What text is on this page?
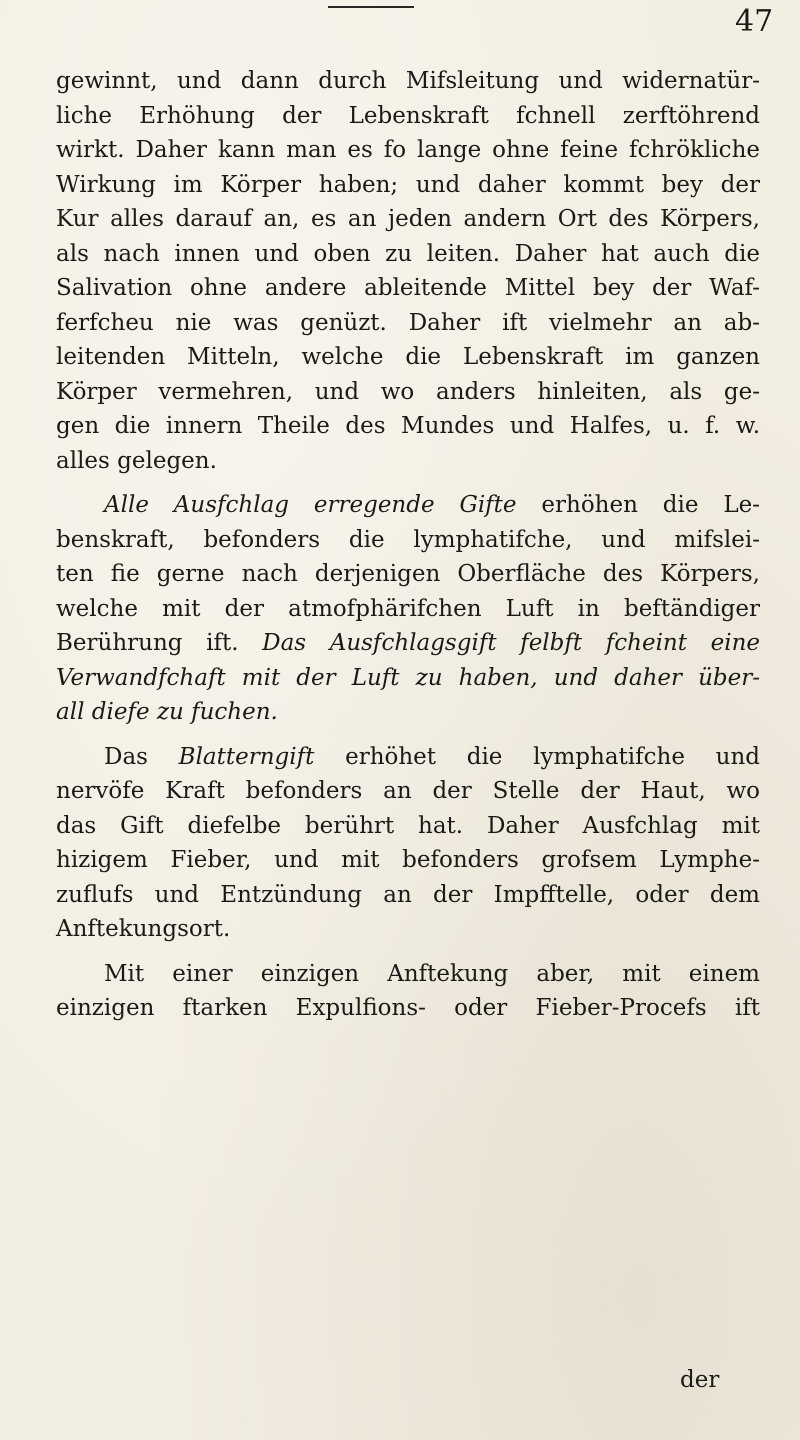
47
gewinnt, und dann durch Mifsleitung und widernatür-
liche Erhöhung der Lebenskraft fchnell zerftöhrend
wirkt. Daher kann man es fo lange ohne feine fchrökliche
Wirkung im Körper haben; und daher kommt bey der
Kur alles darauf an, es an jeden andern Ort des Körpers,
als nach innen und oben zu leiten. Daher hat auch die
Salivation ohne andere ableitende Mittel bey der Waf-
ferfcheu nie was genüzt. Daher ift vielmehr an ab-
leitenden Mitteln, welche die Lebenskraft im ganzen
Körper vermehren, und wo anders hinleiten, als ge-
gen die innern Theile des Mundes und Halfes, u. f. w.
alles gelegen.
Alle Ausfchlag erregende Gifte erhöhen die Le-
benskraft, befonders die lymphatifche, und mifslei-
ten fie gerne nach derjenigen Oberfläche des Körpers,
welche mit der atmofphärifchen Luft in beftändiger
Berührung ift. Das Ausfchlagsgift felbft fcheint eine
Verwandfchaft mit der Luft zu haben, und daher über-
all diefe zu fuchen.
Das Blatterngift erhöhet die lymphatifche und
nervöfe Kraft befonders an der Stelle der Haut, wo
das Gift diefelbe berührt hat. Daher Ausfchlag mit
hizigem Fieber, und mit befonders grofsem Lymphe-
zuflufs und Entzündung an der Impfftelle, oder dem
Anftekungsort.
Mit einer einzigen Anftekung aber, mit einem
einzigen ftarken Expulfions- oder Fieber-Procefs ift
der
